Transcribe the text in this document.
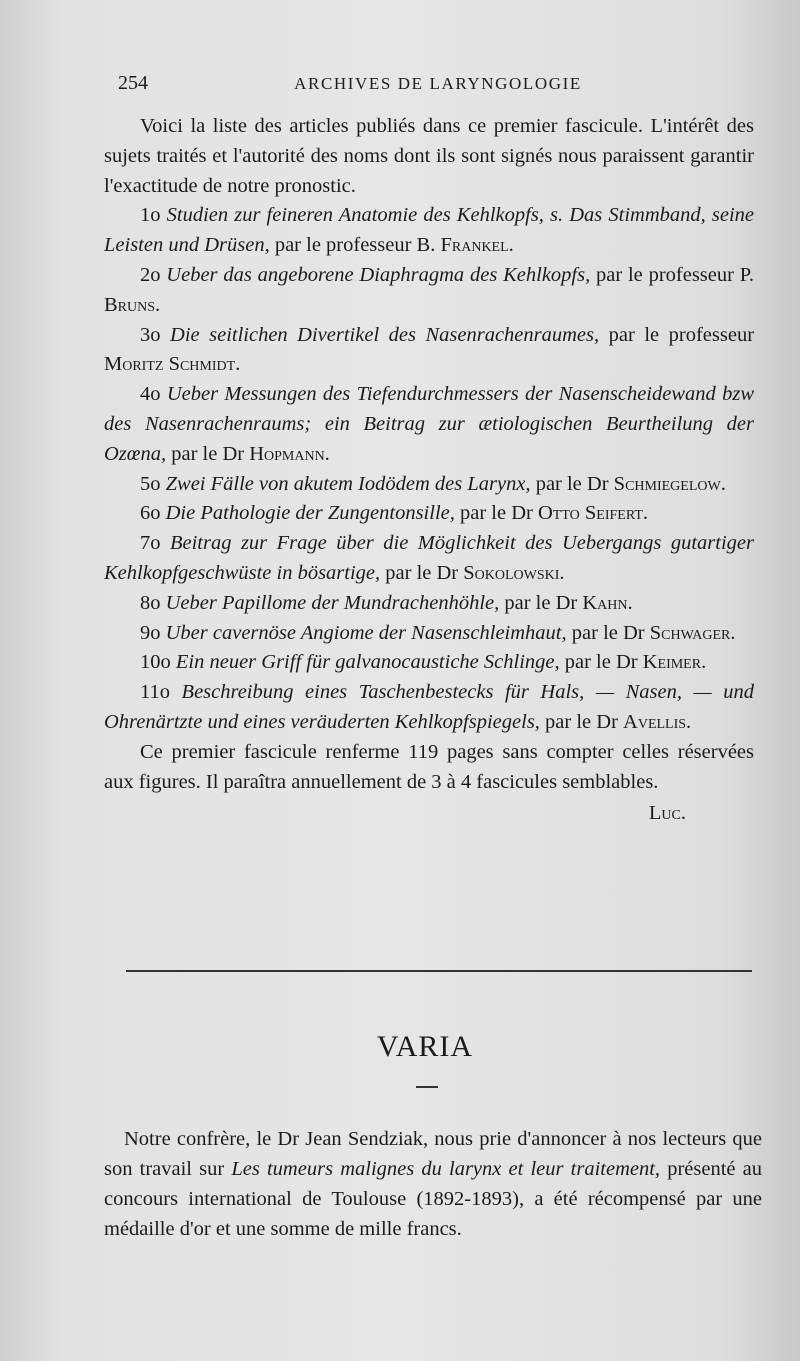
254	ARCHIVES DE LARYNGOLOGIE

Voici la liste des articles publiés dans ce premier fascicule. L'intérêt des sujets traités et l'autorité des noms dont ils sont signés nous paraissent garantir l'exactitude de notre pronostic.

1o Studien zur feineren Anatomie des Kehlkopfs, s. Das Stimmband, seine Leisten und Drüsen, par le professeur B. Frankel.

2o Ueber das angeborene Diaphragma des Kehlkopfs, par le professeur P. Bruns.

3o Die seitlichen Divertikel des Nasenrachenraumes, par le professeur Moritz Schmidt.

4o Ueber Messungen des Tiefendurchmessers der Nasenscheidewand bzw des Nasenrachenraums; ein Beitrag zur ætiologischen Beurtheilung der Ozœna, par le Dr Hopmann.

5o Zwei Fälle von akutem Iodödem des Larynx, par le Dr Schmiegelow.

6o Die Pathologie der Zungentonsille, par le Dr Otto Seifert.

7o Beitrag zur Frage über die Möglichkeit des Uebergangs gutartiger Kehlkopfgeschwüste in bösartige, par le Dr Sokolowski.

8o Ueber Papillome der Mundrachenhöhle, par le Dr Kahn.

9o Uber cavernöse Angiome der Nasenschleimhaut, par le Dr Schwager.

10o Ein neuer Griff für galvanocaustiche Schlinge, par le Dr Keimer.

11o Beschreibung eines Taschenbestecks für Hals, — Nasen, — und Ohrenärtzte und eines veräuderten Kehlkopfspiegels, par le Dr Avellis.

Ce premier fascicule renferme 119 pages sans compter celles réservées aux figures. Il paraîtra annuellement de 3 à 4 fascicules semblables.

Luc.
VARIA

Notre confrère, le Dr Jean Sendziak, nous prie d'annoncer à nos lecteurs que son travail sur Les tumeurs malignes du larynx et leur traitement, présenté au concours international de Toulouse (1892-1893), a été récompensé par une médaille d'or et une somme de mille francs.
